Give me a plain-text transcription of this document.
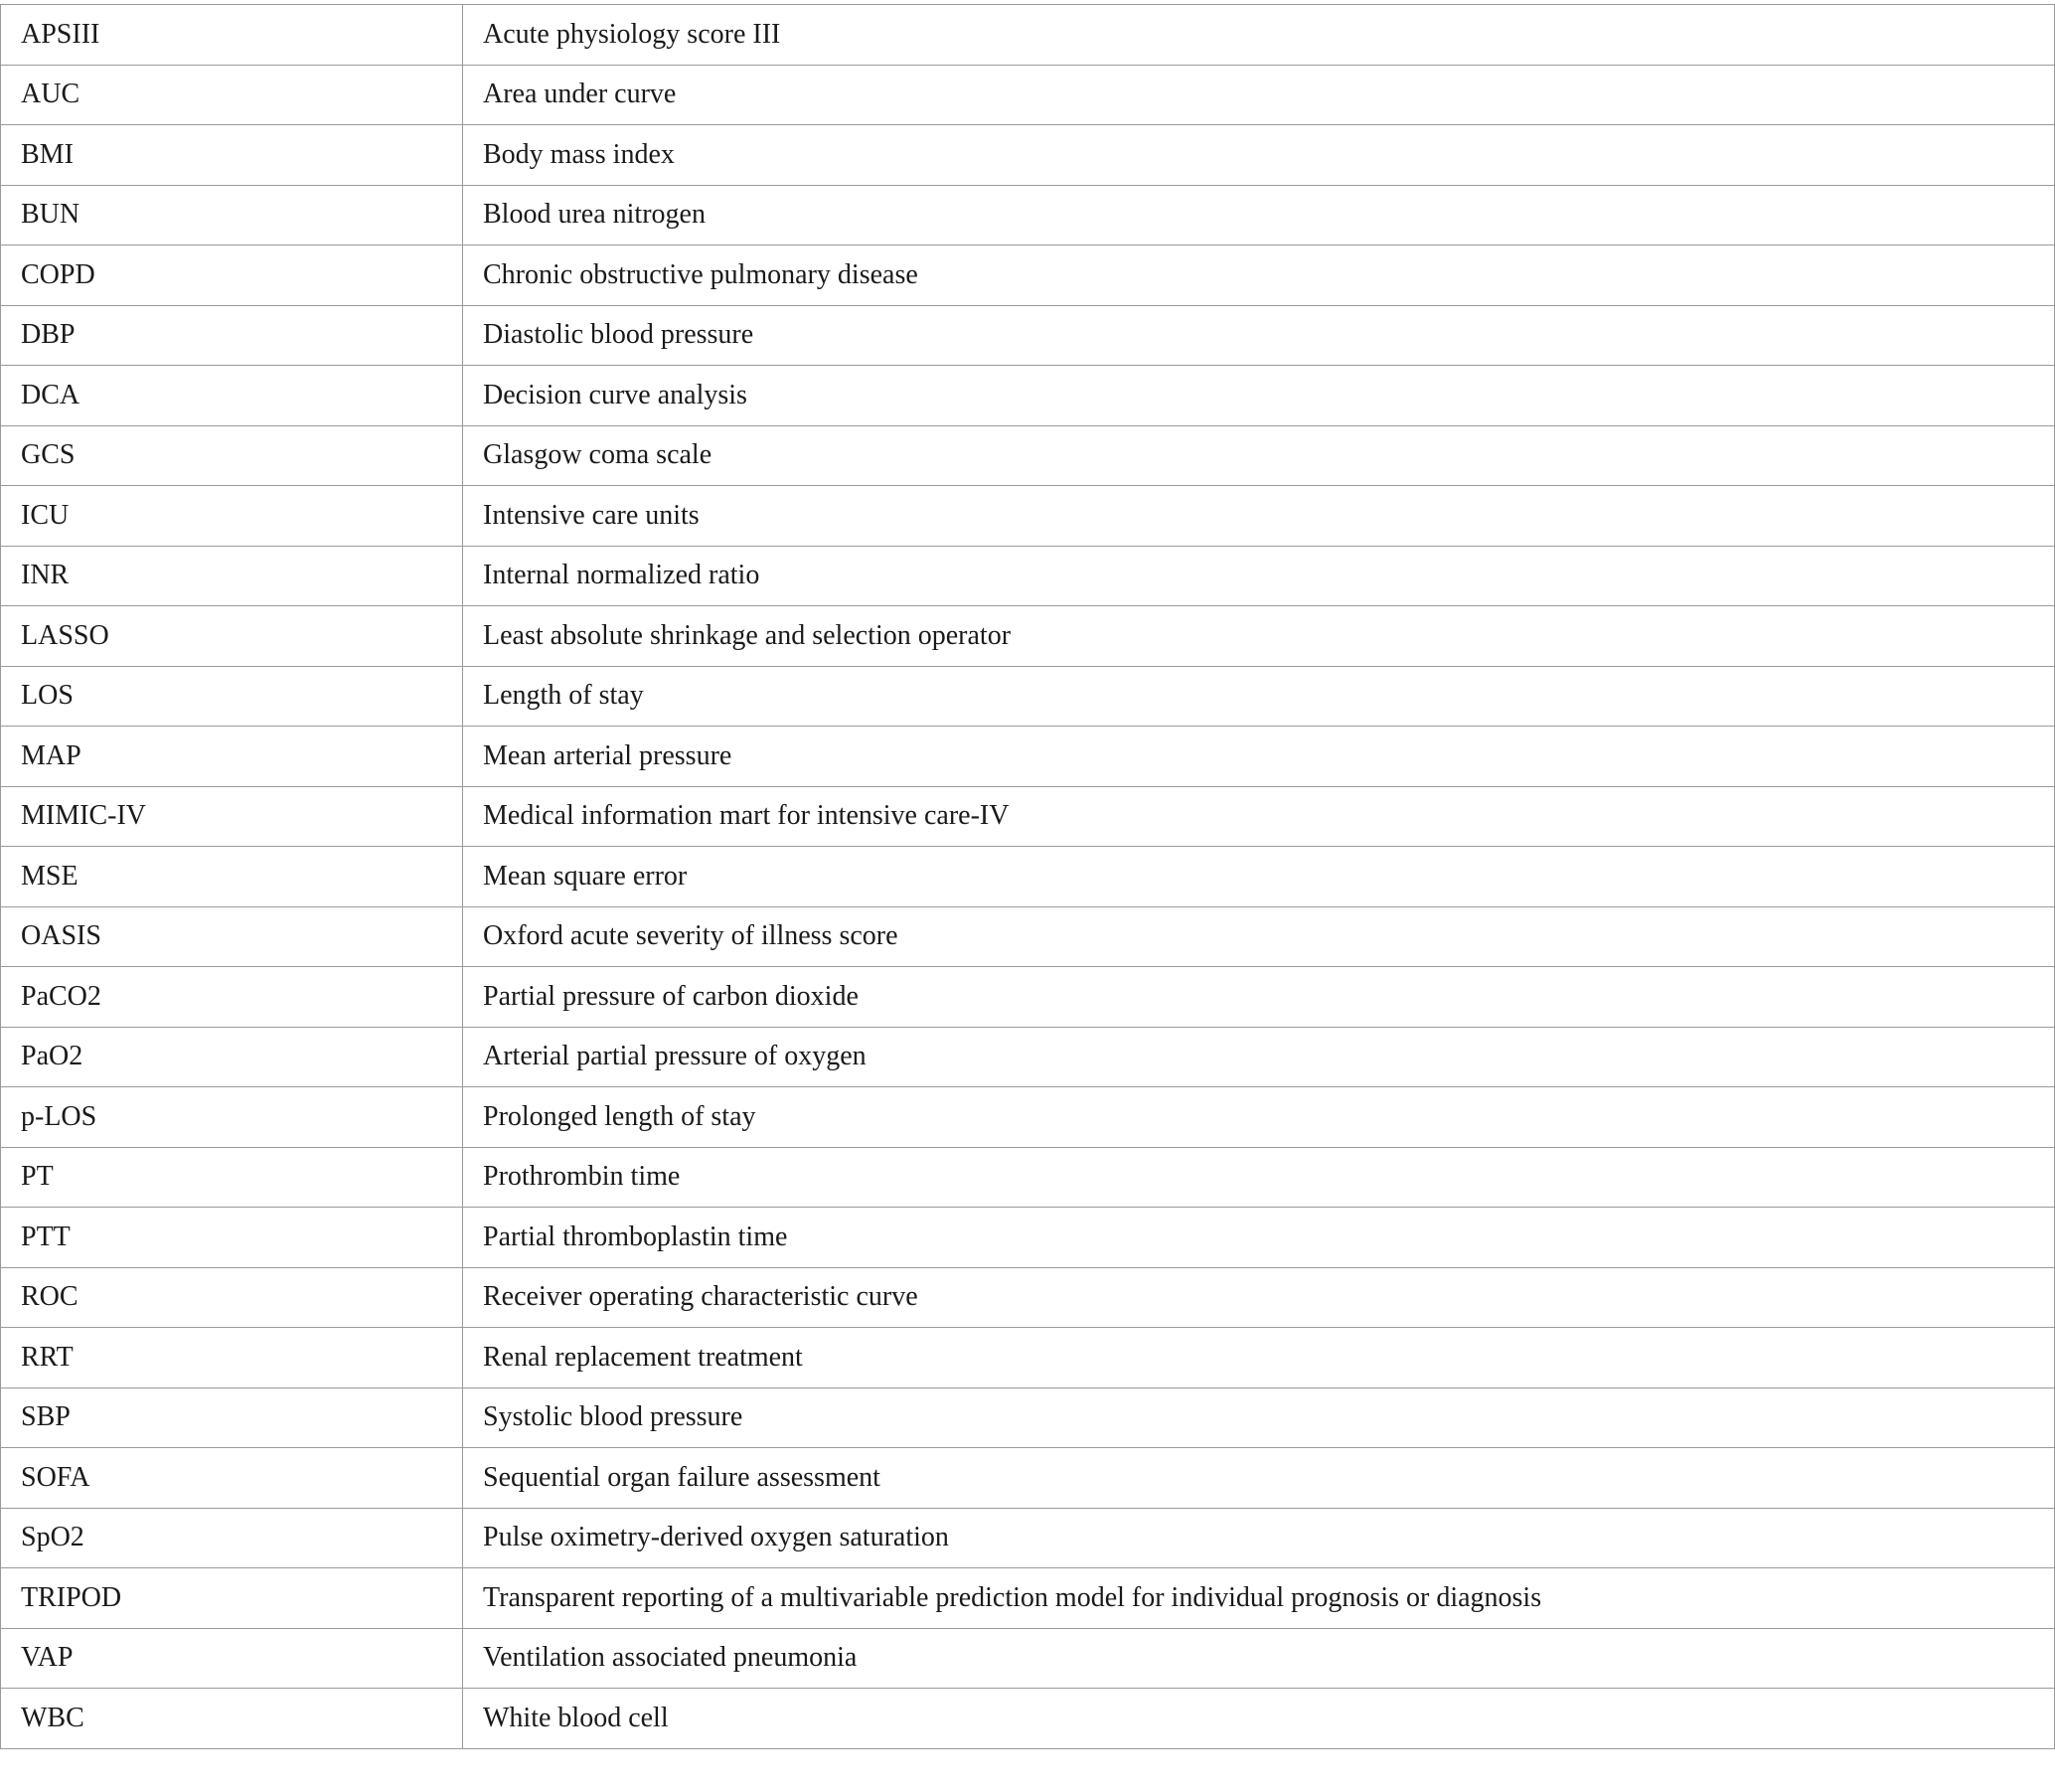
APSIII	Acute physiology score III
AUC	Area under curve
BMI	Body mass index
BUN	Blood urea nitrogen
COPD	Chronic obstructive pulmonary disease
DBP	Diastolic blood pressure
DCA	Decision curve analysis
GCS	Glasgow coma scale
ICU	Intensive care units
INR	Internal normalized ratio
LASSO	Least absolute shrinkage and selection operator
LOS	Length of stay
MAP	Mean arterial pressure
MIMIC-IV	Medical information mart for intensive care-IV
MSE	Mean square error
OASIS	Oxford acute severity of illness score
PaCO2	Partial pressure of carbon dioxide
PaO2	Arterial partial pressure of oxygen
p-LOS	Prolonged length of stay
PT	Prothrombin time
PTT	Partial thromboplastin time
ROC	Receiver operating characteristic curve
RRT	Renal replacement treatment
SBP	Systolic blood pressure
SOFA	Sequential organ failure assessment
SpO2	Pulse oximetry-derived oxygen saturation
TRIPOD	Transparent reporting of a multivariable prediction model for individual prognosis or diagnosis
VAP	Ventilation associated pneumonia
WBC	White blood cell
